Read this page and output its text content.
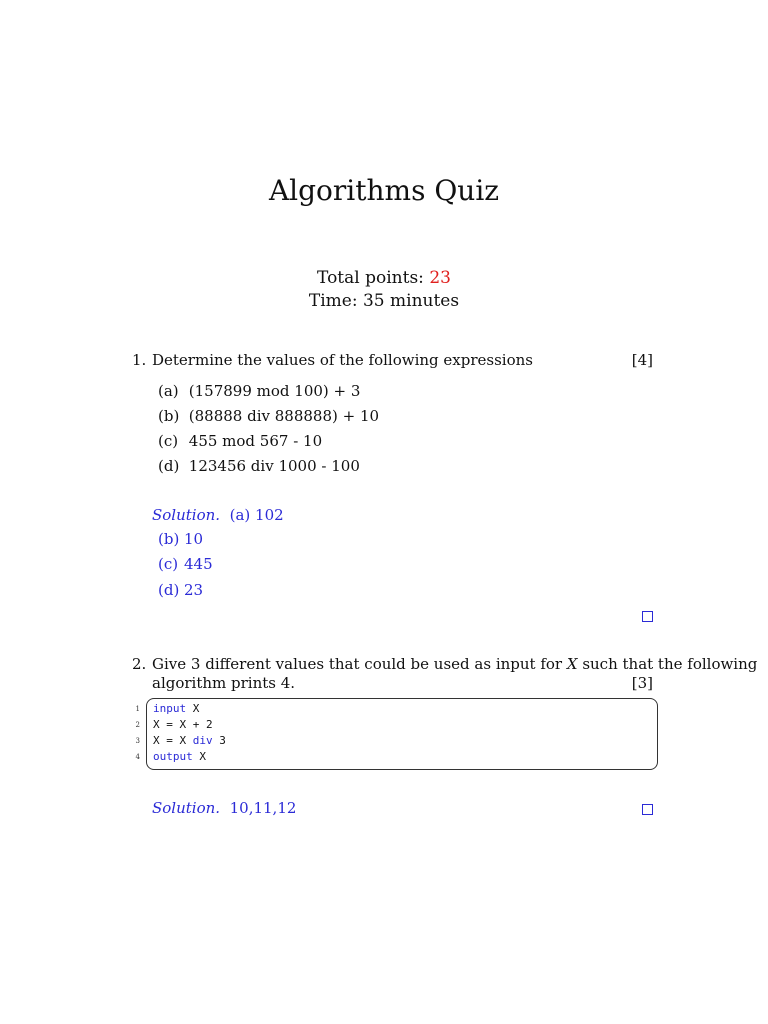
Algorithms Quiz
Total points: 23
Time: 35 minutes
1. Determine the values of the following expressions	[4]
(a) (157899 mod 100) + 3
(b) (88888 div 888888) + 10
(c) 455 mod 567 - 10
(d) 123456 div 1000 - 100
Solution. (a) 102
(b) 10
(c) 445
(d) 23
2. Give 3 different values that could be used as input for X such that the following
algorithm prints 4.	[3]
1
2
3
4
input X
X = X + 2
X = X div 3
output X
Solution. 10,11,12
